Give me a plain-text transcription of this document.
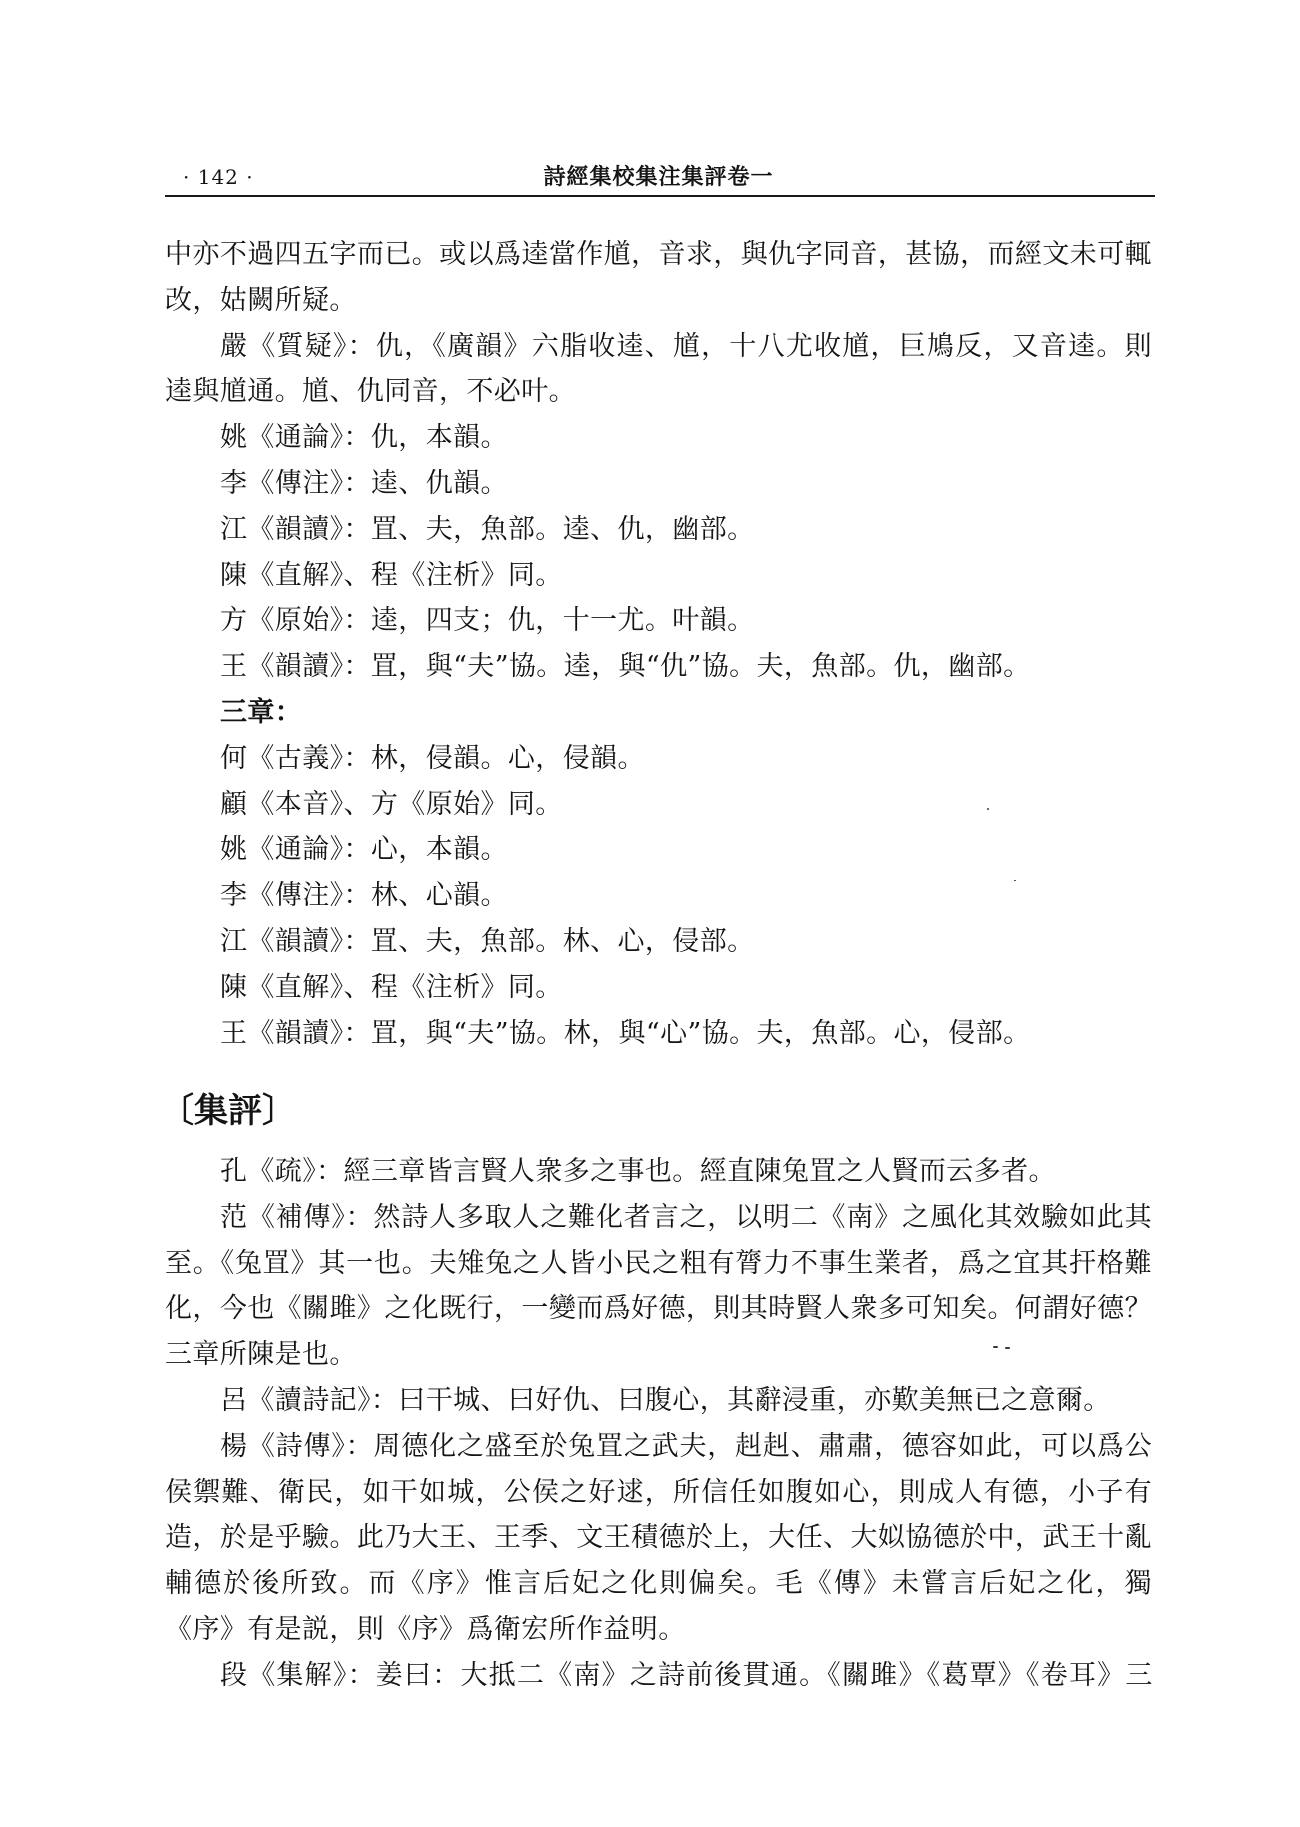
· 142 ·	詩經集校集注集評卷一
中亦不過四五字而已。或以爲逵當作馗，音求，與仇字同音，甚協，而經文未可輒
改，姑闕所疑。
嚴《質疑》：仇，《廣韻》六脂收逵、馗，十八尤收馗，巨鳩反，又音逵。則
逵與馗通。馗、仇同音，不必叶。
姚《通論》：仇，本韻。
李《傳注》：逵、仇韻。
江《韻讀》：罝、夫，魚部。逵、仇，幽部。
陳《直解》、程《注析》同。
方《原始》：逵，四支；仇，十一尤。叶韻。
王《韻讀》：罝，與“夫”協。逵，與“仇”協。夫，魚部。仇，幽部。
三章：
何《古義》：林，侵韻。心，侵韻。
顧《本音》、方《原始》同。
姚《通論》：心，本韻。
李《傳注》：林、心韻。
江《韻讀》：罝、夫，魚部。林、心，侵部。
陳《直解》、程《注析》同。
王《韻讀》：罝，與“夫”協。林，與“心”協。夫，魚部。心，侵部。
〔集評〕
孔《疏》：經三章皆言賢人衆多之事也。經直陳兔罝之人賢而云多者。
范《補傳》：然詩人多取人之難化者言之，以明二《南》之風化其效驗如此其
至。《兔罝》其一也。夫雉兔之人皆小民之粗有膂力不事生業者，爲之宜其扞格難
化，今也《關雎》之化既行，一變而爲好德，則其時賢人衆多可知矣。何謂好德？
三章所陳是也。
呂《讀詩記》：曰干城、曰好仇、曰腹心，其辭浸重，亦歎美無已之意爾。
楊《詩傳》：周德化之盛至於兔罝之武夫，赳赳、肅肅，德容如此，可以爲公
侯禦難、衛民，如干如城，公侯之好逑，所信任如腹如心，則成人有德，小子有
造，於是乎驗。此乃大王、王季、文王積德於上，大任、大姒協德於中，武王十亂
輔德於後所致。而《序》惟言后妃之化則偏矣。毛《傳》未嘗言后妃之化，獨
《序》有是説，則《序》爲衛宏所作益明。
段《集解》：姜曰：大抵二《南》之詩前後貫通。《關雎》《葛覃》《卷耳》三
